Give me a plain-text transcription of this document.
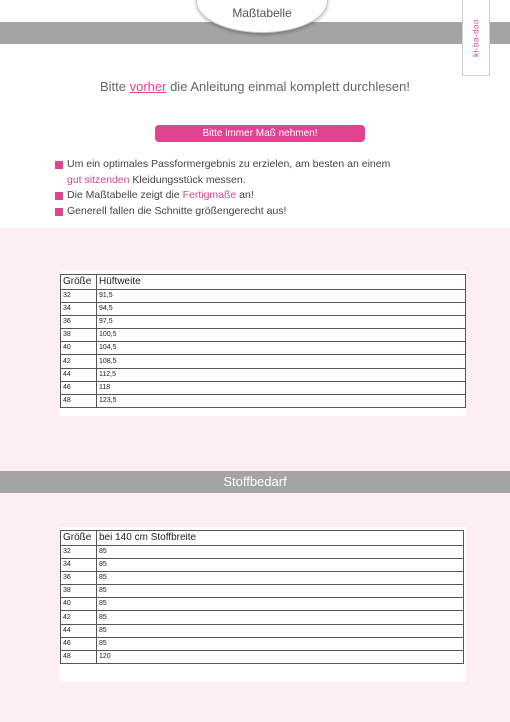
Maßtabelle
ki-ba-doo
Bitte vorher die Anleitung einmal komplett durchlesen!
Bitte immer Maß nehmen!
Um ein optimales Passformergebnis zu erzielen, am besten an einem
gut sitzenden Kleidungsstück messen.
Die Maßtabelle zeigt die Fertigmaße an!
Generell fallen die Schnitte größengerecht aus!
Größe	Hüftweite
32	91,5
34	94,5
36	97,5
38	100,5
40	104,5
42	108,5
44	112,5
46	118
48	123,5
Stoffbedarf
Größe	bei 140 cm Stoffbreite
32	85
34	85
36	85
38	85
40	85
42	85
44	85
46	85
48	120
